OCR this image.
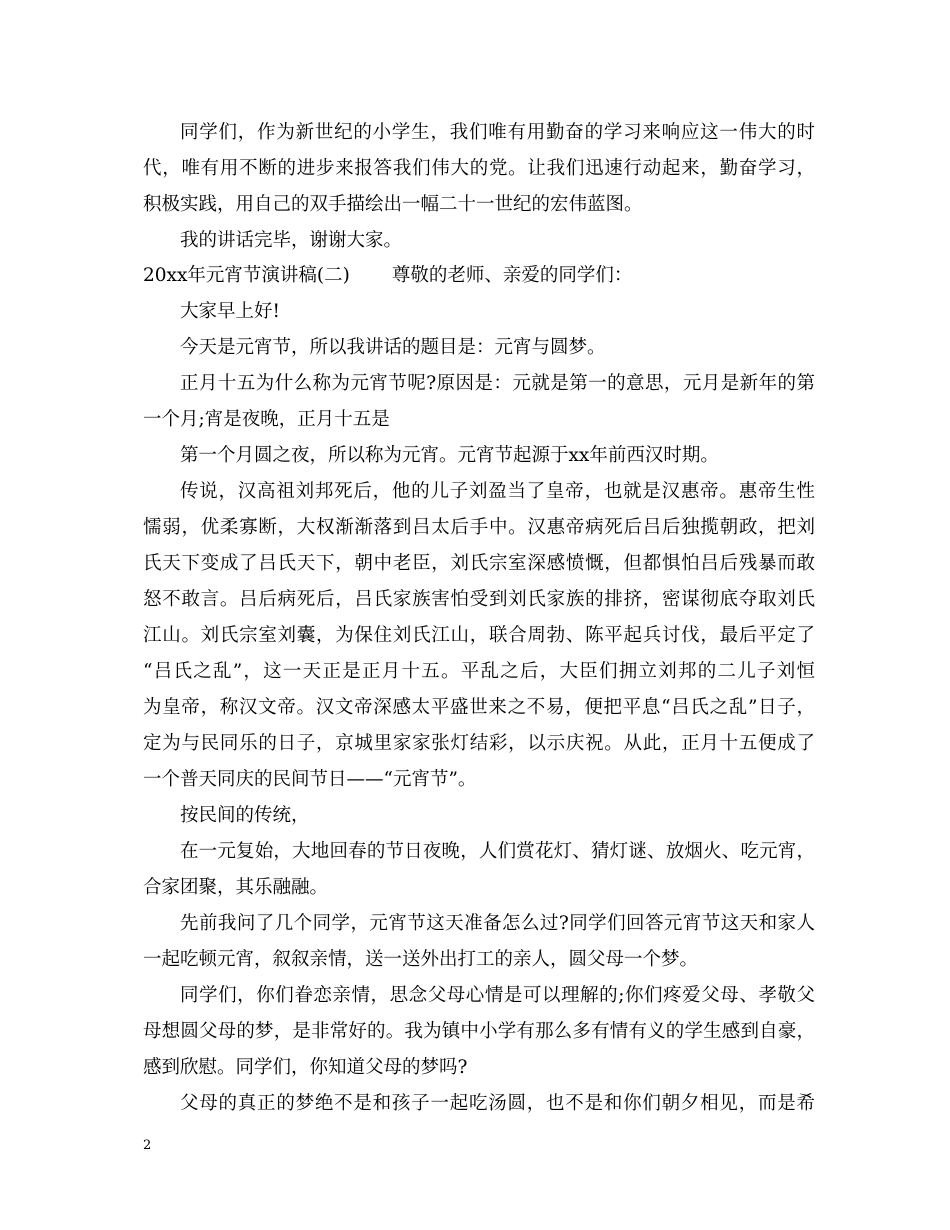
同学们，作为新世纪的小学生，我们唯有用勤奋的学习来响应这一伟大的时
代，唯有用不断的进步来报答我们伟大的党。让我们迅速行动起来，勤奋学习，
积极实践，用自己的双手描绘出一幅二十一世纪的宏伟蓝图。
我的讲话完毕，谢谢大家。
20xx年元宵节演讲稿(二) 尊敬的老师、亲爱的同学们：
大家早上好!
今天是元宵节，所以我讲话的题目是：元宵与圆梦。
正月十五为什么称为元宵节呢?原因是：元就是第一的意思，元月是新年的第
一个月;宵是夜晚，正月十五是
第一个月圆之夜，所以称为元宵。元宵节起源于xx年前西汉时期。
传说，汉高祖刘邦死后，他的儿子刘盈当了皇帝，也就是汉惠帝。惠帝生性
懦弱，优柔寡断，大权渐渐落到吕太后手中。汉惠帝病死后吕后独揽朝政，把刘
氏天下变成了吕氏天下，朝中老臣，刘氏宗室深感愤慨，但都惧怕吕后残暴而敢
怒不敢言。吕后病死后，吕氏家族害怕受到刘氏家族的排挤，密谋彻底夺取刘氏
江山。刘氏宗室刘囊，为保住刘氏江山，联合周勃、陈平起兵讨伐，最后平定了
“吕氏之乱”，这一天正是正月十五。平乱之后，大臣们拥立刘邦的二儿子刘恒
为皇帝，称汉文帝。汉文帝深感太平盛世来之不易，便把平息“吕氏之乱”日子，
定为与民同乐的日子，京城里家家张灯结彩，以示庆祝。从此，正月十五便成了
一个普天同庆的民间节日——“元宵节”。
按民间的传统，
在一元复始，大地回春的节日夜晚，人们赏花灯、猜灯谜、放烟火、吃元宵，
合家团聚，其乐融融。
先前我问了几个同学，元宵节这天准备怎么过?同学们回答元宵节这天和家人
一起吃顿元宵，叙叙亲情，送一送外出打工的亲人，圆父母一个梦。
同学们，你们眷恋亲情，思念父母心情是可以理解的;你们疼爱父母、孝敬父
母想圆父母的梦，是非常好的。我为镇中小学有那么多有情有义的学生感到自豪，
感到欣慰。同学们，你知道父母的梦吗?
父母的真正的梦绝不是和孩子一起吃汤圆，也不是和你们朝夕相见，而是希
2
